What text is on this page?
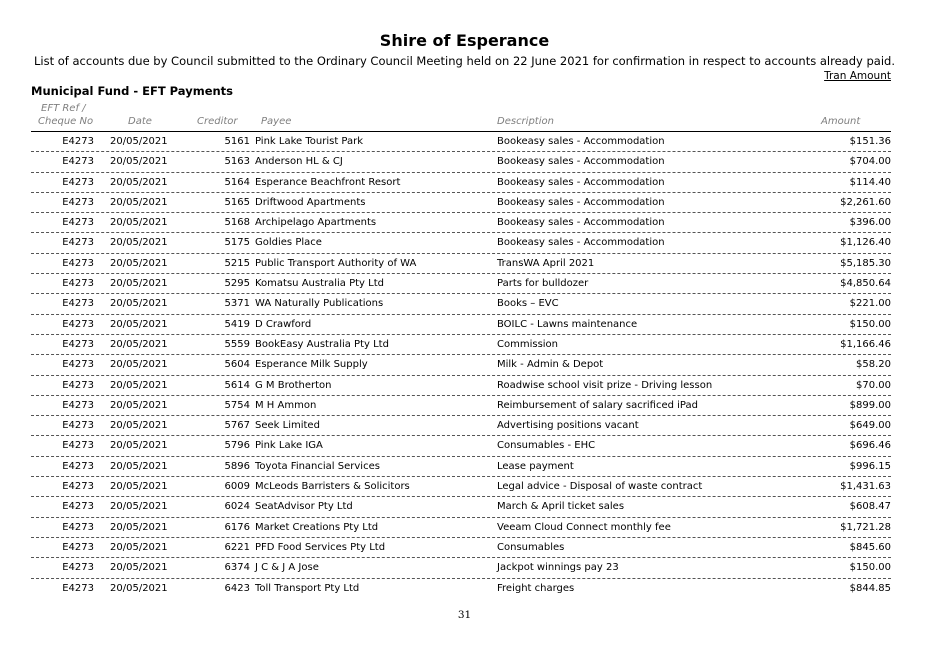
Shire of Esperance
List of accounts due by Council submitted to the Ordinary Council Meeting held on 22 June 2021 for confirmation in respect to accounts already paid.
Tran Amount
Municipal Fund - EFT Payments
EFT Ref /
Cheque No	Date	Creditor Payee	Description	Amount
E4273 20/05/2021	5161 Pink Lake Tourist Park	Bookeasy sales - Accommodation	$151.36
E4273 20/05/2021	5163 Anderson HL & CJ	Bookeasy sales - Accommodation	$704.00
E4273 20/05/2021	5164 Esperance Beachfront Resort	Bookeasy sales - Accommodation	$114.40
E4273 20/05/2021	5165 Driftwood Apartments	Bookeasy sales - Accommodation	$2,261.60
E4273 20/05/2021	5168 Archipelago Apartments	Bookeasy sales - Accommodation	$396.00
E4273 20/05/2021	5175 Goldies Place	Bookeasy sales - Accommodation	$1,126.40
E4273 20/05/2021	5215 Public Transport Authority of WA	TransWA April 2021	$5,185.30
E4273 20/05/2021	5295 Komatsu Australia Pty Ltd	Parts for bulldozer	$4,850.64
E4273 20/05/2021	5371 WA Naturally Publications	Books – EVC	$221.00
E4273 20/05/2021	5419 D Crawford	BOILC - Lawns maintenance	$150.00
E4273 20/05/2021	5559 BookEasy Australia Pty Ltd	Commission	$1,166.46
E4273 20/05/2021	5604 Esperance Milk Supply	Milk - Admin & Depot	$58.20
E4273 20/05/2021	5614 G M Brotherton	Roadwise school visit prize - Driving lesson	$70.00
E4273 20/05/2021	5754 M H Ammon	Reimbursement of salary sacrificed iPad	$899.00
E4273 20/05/2021	5767 Seek Limited	Advertising positions vacant	$649.00
E4273 20/05/2021	5796 Pink Lake IGA	Consumables - EHC	$696.46
E4273 20/05/2021	5896 Toyota Financial Services	Lease payment	$996.15
E4273 20/05/2021	6009 McLeods Barristers & Solicitors	Legal advice - Disposal of waste contract	$1,431.63
E4273 20/05/2021	6024 SeatAdvisor Pty Ltd	March & April ticket sales	$608.47
E4273 20/05/2021	6176 Market Creations Pty Ltd	Veeam Cloud Connect monthly fee	$1,721.28
E4273 20/05/2021	6221 PFD Food Services Pty Ltd	Consumables	$845.60
E4273 20/05/2021	6374 J C & J A Jose	Jackpot winnings pay 23	$150.00
E4273 20/05/2021	6423 Toll Transport Pty Ltd	Freight charges	$844.85
31
